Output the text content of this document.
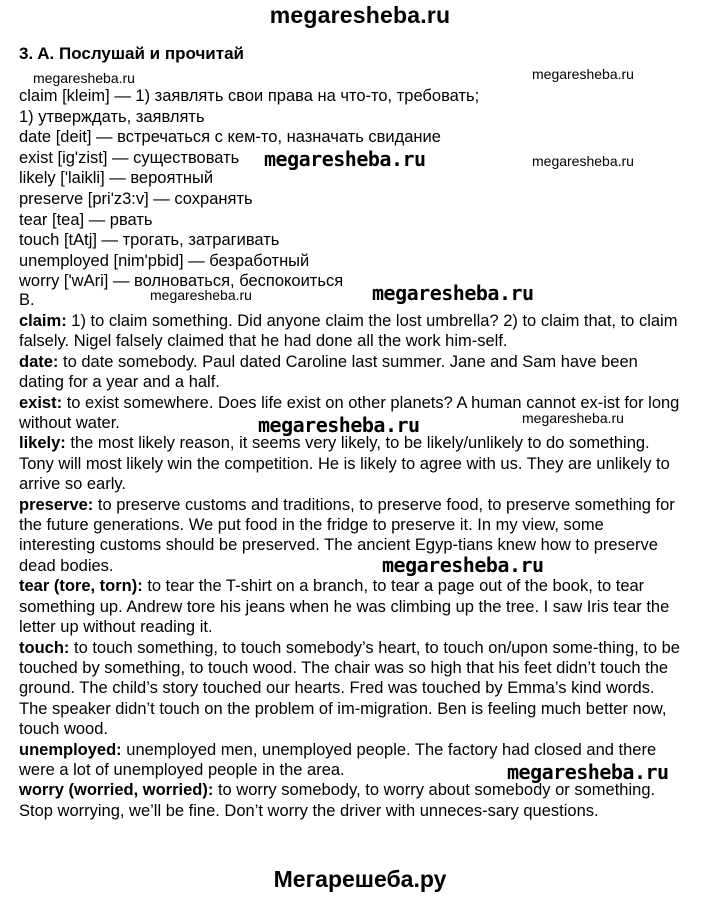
megaresheba.ru
3. A. Послушай и прочитай
claim [kleim] — 1) заявлять свои права на что-то, требовать;
1) утверждать, заявлять
date [deit] — встречаться с кем-то, назначать свидание
exist [ig'zist] — существовать
likely ['laikli] — вероятный
preserve [pri'z3:v] — сохранять
tear [tea] — рвать
touch [tAtj] — трогать, затрагивать
unemployed [nim'pbid] — безработный
worry ['wAri] — волноваться, беспокоиться
B.

claim: 1) to claim something. Did anyone claim the lost umbrella? 2) to claim that, to claim falsely. Nigel falsely claimed that he had done all the work him-self.

date: to date somebody. Paul dated Caroline last summer. Jane and Sam have been dating for a year and a half.

exist: to exist somewhere. Does life exist on other planets? A human cannot ex-ist for long without water.

likely: the most likely reason, it seems very likely, to be likely/unlikely to do something. Tony will most likely win the competition. He is likely to agree with us. They are unlikely to arrive so early.

preserve: to preserve customs and traditions, to preserve food, to preserve something for the future generations. We put food in the fridge to preserve it. In my view, some interesting customs should be preserved. The ancient Egyp-tians knew how to preserve dead bodies.

tear (tore, torn): to tear the T-shirt on a branch, to tear a page out of the book, to tear something up. Andrew tore his jeans when he was climbing up the tree. I saw Iris tear the letter up without reading it.

touch: to touch something, to touch somebody’s heart, to touch on/upon some-thing, to be touched by something, to touch wood. The chair was so high that his feet didn’t touch the ground. The child’s story touched our hearts. Fred was touched by Emma’s kind words. The speaker didn’t touch on the problem of im-migration. Ben is feeling much better now, touch wood.

unemployed: unemployed men, unemployed people. The factory had closed and there were a lot of unemployed people in the area.

worry (worried, worried): to worry somebody, to worry about somebody or something. Stop worrying, we’ll be fine. Don’t worry the driver with unneces-sary questions.

megaresheba.ru	megaresheba.ru
megaresheba.ru	megaresheba.ru
megaresheba.ru	megaresheba.ru
megaresheba.ru	megaresheba.ru
megaresheba.ru
megaresheba.ru
Мегарешеба.ру
